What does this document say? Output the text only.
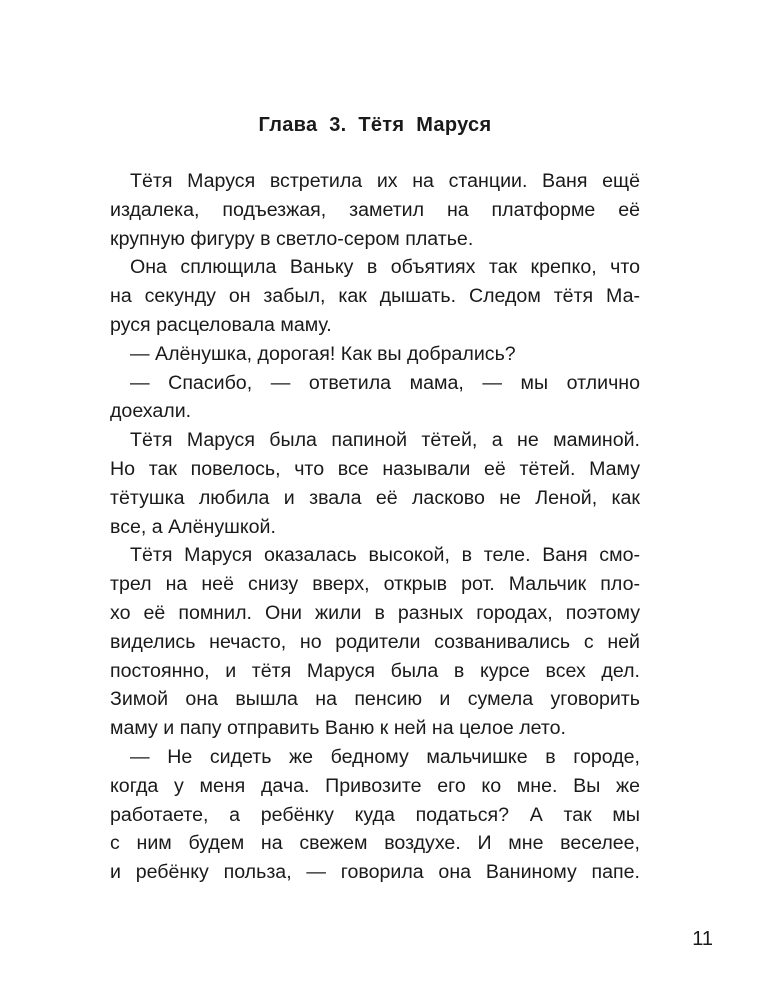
Глава 3. Тётя Маруся
Тётя Маруся встретила их на станции. Ваня ещё
издалека, подъезжая, заметил на платформе её
крупную фигуру в светло-сером платье.
Она сплющила Ваньку в объятиях так крепко, что
на секунду он забыл, как дышать. Следом тётя Ма-
руся расцеловала маму.
— Алёнушка, дорогая! Как вы добрались?
— Спасибо, — ответила мама, — мы отлично
доехали.
Тётя Маруся была папиной тётей, а не маминой.
Но так повелось, что все называли её тётей. Маму
тётушка любила и звала её ласково не Леной, как
все, а Алёнушкой.
Тётя Маруся оказалась высокой, в теле. Ваня смо-
трел на неё снизу вверх, открыв рот. Мальчик пло-
хо её помнил. Они жили в разных городах, поэтому
виделись нечасто, но родители созванивались с ней
постоянно, и тётя Маруся была в курсе всех дел.
Зимой она вышла на пенсию и сумела уговорить
маму и папу отправить Ваню к ней на целое лето.
— Не сидеть же бедному мальчишке в городе,
когда у меня дача. Привозите его ко мне. Вы же
работаете, а ребёнку куда податься? А так мы
с ним будем на свежем воздухе. И мне веселее,
и ребёнку польза, — говорила она Ваниному папе.

11
